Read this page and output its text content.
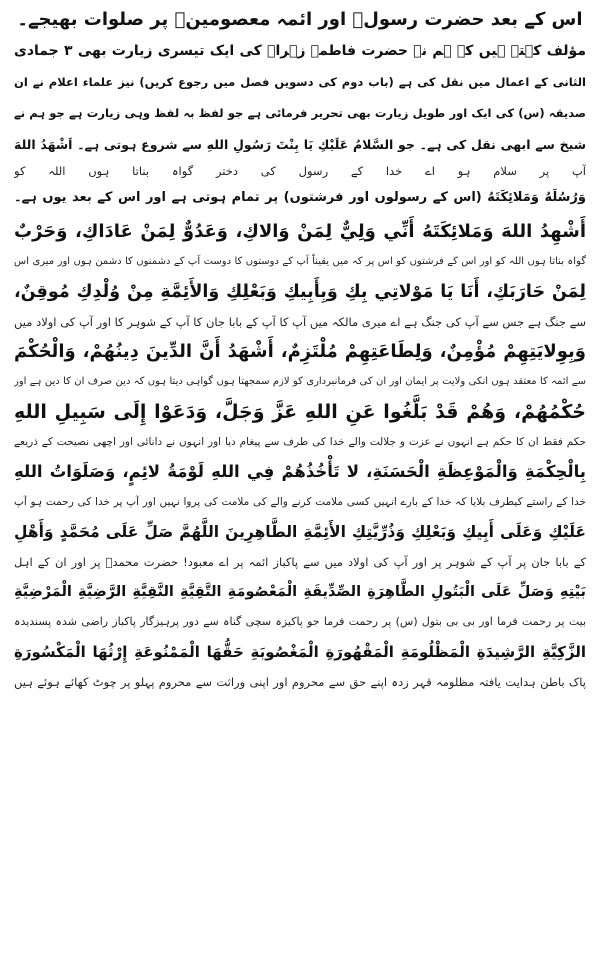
اس کے بعد حضرت رسولؐ اور ائمہ معصومینؑ پر صلوات بھیجے۔
مؤلف کہتے ہیں کہ ہم نے حضرت فاطمہ زہراؑ کی ایک تیسری زیارت بھی ۳ جمادی
الثانی کے اعمال میں نقل کی ہے (باب دوم کی دسویں فصل میں رجوع کریں) نیز علماء اعلام نے ان
صدیقہ (س) کی ایک اور طویل زیارت بھی تحریر فرمائی ہے جو لفظ بہ لفظ وہی زیارت ہے جو ہم نے
شیخ سے ابھی نقل کی ہے۔ جو السَّلامُ عَلَيْكِ يَا بِنْتَ رَسُولِ اللهِ سے شروع ہوتی ہے۔ اَشْهَدُ اللهَ
آپ پر سلام ہو اے خدا کے رسول کی دختر گواہ بناتا ہوں اللہ کو
وَرُسُلَهُ وَمَلائِكَتَهُ (اس کے رسولوں اور فرشتوں) پر تمام ہوتی ہے اور اس کے بعد یوں ہے۔
أَشْهِدُ اللهَ وَمَلائِكَتَهُ أَنِّي وَلِيٌّ لِمَنْ وَالاكِ، وَعَدُوٌّ لِمَنْ عَادَاكِ، وَحَرْبٌ
گواہ بناتا ہوں اللہ کو اور اس کے فرشتوں کو اس پر کہ میں یقیناً آپ کے دوستوں کا دوست آپ کے دشمنوں کا دشمن ہوں اور میری اس
لِمَنْ حَارَبَكِ، أَنَا يَا مَوْلاتِي بِكِ وَبِأَبِيكِ وَبَعْلِكِ وَالأَئِمَّةِ مِنْ وُلْدِكِ مُوقِنٌ،
سے جنگ ہے جس سے آپ کی جنگ ہے اے میری مالکہ میں آپ کا آپ کے بابا جان کا آپ کے شوہر کا اور آپ کی اولاد میں
وَبِوِلايَتِهِمْ مُؤْمِنٌ، وَلِطَاعَتِهِمْ مُلْتَزِمٌ، أَشْهَدُ أَنَّ الدِّينَ دِينُهُمْ، وَالْحُكْمَ
سے ائمہ کا معتقد ہوں انکی ولایت پر ایمان اور ان کی فرمانبرداری کو لازم سمجھتا ہوں گواہی دیتا ہوں کہ دین صرف ان کا دین ہے اور
حُكْمُهُمْ، وَهُمْ قَدْ بَلَّغُوا عَنِ اللهِ عَزَّ وَجَلَّ، وَدَعَوْا إِلَى سَبِيلِ اللهِ
حکم فقط ان کا حکم ہے انہوں نے عزت و جلالت والے خدا کی طرف سے پیغام دیا اور انہوں نے دانائی اور اچھی نصیحت کے ذریعے
بِالْحِكْمَةِ وَالْمَوْعِظَةِ الْحَسَنَةِ، لا تَأْخُذُهُمْ فِي اللهِ لَوْمَةُ لائِمٍ، وَصَلَوَاتُ اللهِ
خدا کے راستے کیطرف بلایا کہ خدا کے بارے انہیں کسی ملامت کرنے والے کی ملامت کی پروا نہیں اور آپ پر خدا کی رحمت ہو آپ
عَلَيْكِ وَعَلَى أَبِيكِ وَبَعْلِكِ وَذُرِّيَّتِكِ الأَئِمَّةِ الطَّاهِرِينَ اللَّهُمَّ صَلِّ عَلَى مُحَمَّدٍ وَأَهْلِ
کے بابا جان پر آپ کے شوہر پر اور آپ کی اولاد میں سے پاکباز ائمہ پر اے معبود! حضرت محمدؐ پر اور ان کے اہل
بَيْتِهِ وَصَلِّ عَلَى الْبَتُولِ الطَّاهِرَةِ الصِّدِّيقَةِ الْمَعْصُومَةِ التَّقِيَّةِ النَّقِيَّةِ الرَّضِيَّةِ الْمَرْضِيَّةِ
بیت پر رحمت فرما اور بی بی بتول (س) پر رحمت فرما جو پاکیزہ سچی گناہ سے دور پرہیزگار پاکباز راضی شدہ پسندیدہ
الزَّكِيَّةِ الرَّشِيدَةِ الْمَظْلُومَةِ الْمَقْهُورَةِ الْمَغْصُوبَةِ حَقُّهَا الْمَمْنُوعَةِ إِرْثُهَا الْمَكْسُورَةِ
پاک باطن ہدایت یافتہ مظلومہ قہر زدہ اپنے حق سے محروم اور اپنی وراثت سے محروم پہلو پر چوٹ کھائے ہوئے ہیں
